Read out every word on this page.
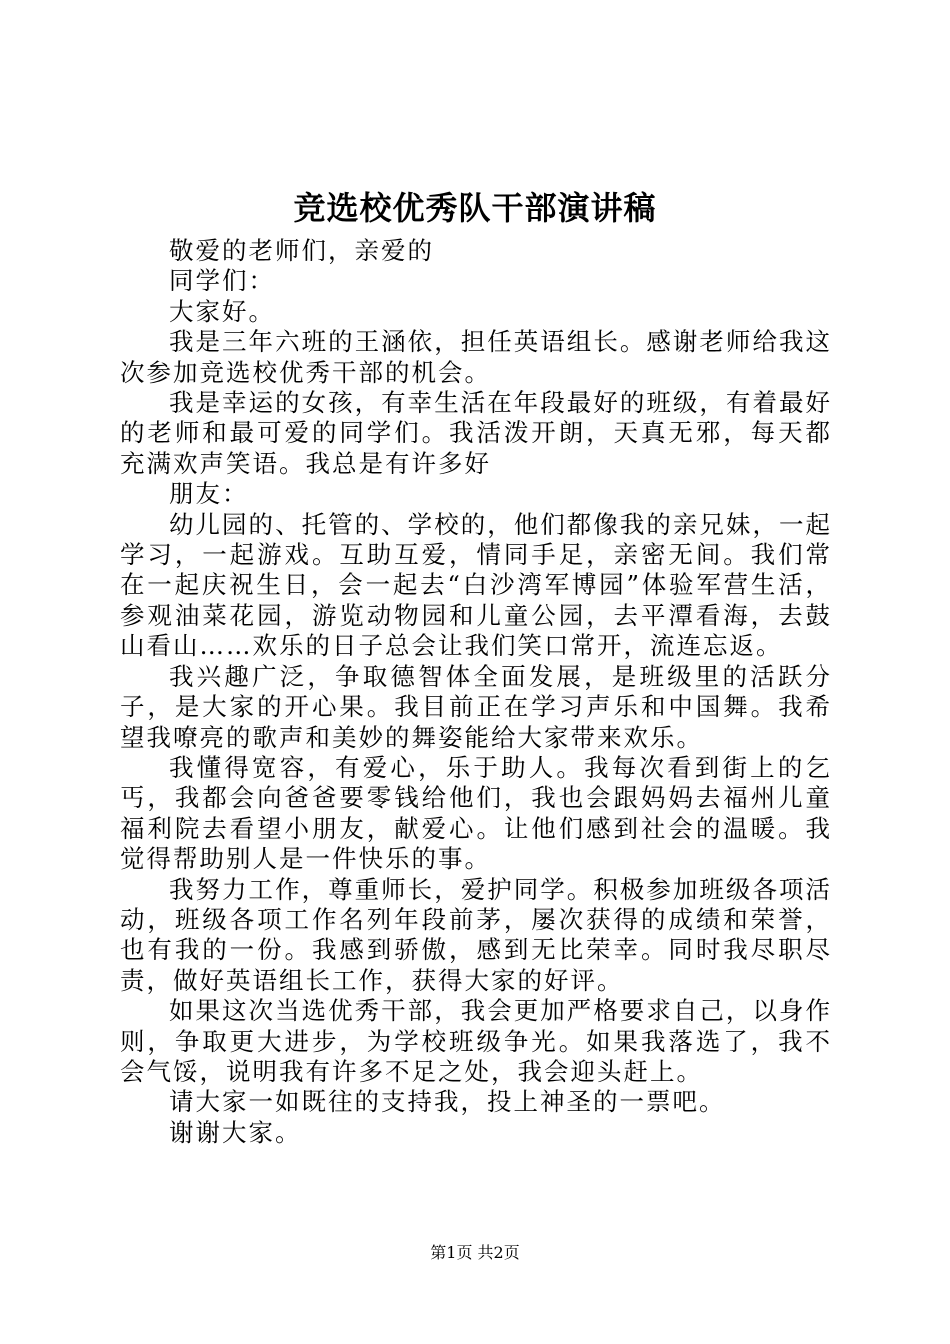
竞选校优秀队干部演讲稿

敬爱的老师们，亲爱的

同学们：

大家好。

我是三年六班的王涵依，担任英语组长。感谢老师给我这次参加竞选校优秀干部的机会。

我是幸运的女孩，有幸生活在年段最好的班级，有着最好的老师和最可爱的同学们。我活泼开朗，天真无邪，每天都充满欢声笑语。我总是有许多好

朋友：

幼儿园的、托管的、学校的，他们都像我的亲兄妹，一起学习，一起游戏。互助互爱，情同手足，亲密无间。我们常在一起庆祝生日，会一起去“白沙湾军博园”体验军营生活，参观油菜花园，游览动物园和儿童公园，去平潭看海，去鼓山看山……欢乐的日子总会让我们笑口常开，流连忘返。

我兴趣广泛，争取德智体全面发展，是班级里的活跃分子，是大家的开心果。我目前正在学习声乐和中国舞。我希望我嘹亮的歌声和美妙的舞姿能给大家带来欢乐。

我懂得宽容，有爱心，乐于助人。我每次看到街上的乞丐，我都会向爸爸要零钱给他们，我也会跟妈妈去福州儿童福利院去看望小朋友，献爱心。让他们感到社会的温暖。我觉得帮助别人是一件快乐的事。

我努力工作，尊重师长，爱护同学。积极参加班级各项活动，班级各项工作名列年段前茅，屡次获得的成绩和荣誉，也有我的一份。我感到骄傲，感到无比荣幸。同时我尽职尽责，做好英语组长工作，获得大家的好评。

如果这次当选优秀干部，我会更加严格要求自己，以身作则，争取更大进步，为学校班级争光。如果我落选了，我不会气馁，说明我有许多不足之处，我会迎头赶上。

请大家一如既往的支持我，投上神圣的一票吧。

谢谢大家。

第1页 共2页
